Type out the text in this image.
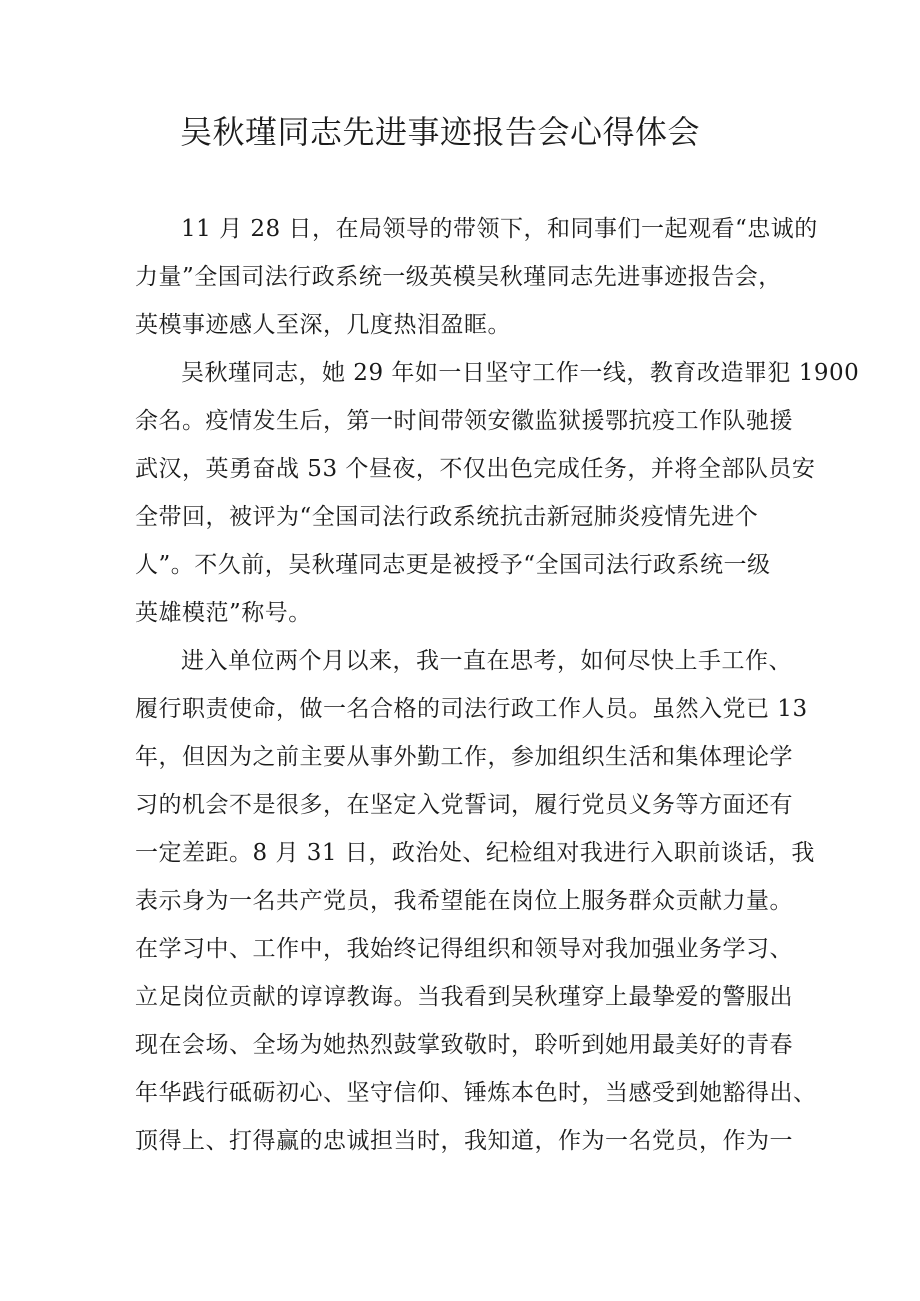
吴秋瑾同志先进事迹报告会心得体会
11 月 28 日，在局领导的带领下，和同事们一起观看“忠诚的
力量”全国司法行政系统一级英模吴秋瑾同志先进事迹报告会，
英模事迹感人至深，几度热泪盈眶。
吴秋瑾同志，她 29 年如一日坚守工作一线，教育改造罪犯 1900
余名。疫情发生后，第一时间带领安徽监狱援鄂抗疫工作队驰援
武汉，英勇奋战 53 个昼夜，不仅出色完成任务，并将全部队员安
全带回，被评为“全国司法行政系统抗击新冠肺炎疫情先进个
人”。不久前，吴秋瑾同志更是被授予“全国司法行政系统一级
英雄模范”称号。
进入单位两个月以来，我一直在思考，如何尽快上手工作、
履行职责使命，做一名合格的司法行政工作人员。虽然入党已 13
年，但因为之前主要从事外勤工作，参加组织生活和集体理论学
习的机会不是很多，在坚定入党誓词，履行党员义务等方面还有
一定差距。8 月 31 日，政治处、纪检组对我进行入职前谈话，我
表示身为一名共产党员，我希望能在岗位上服务群众贡献力量。
在学习中、工作中，我始终记得组织和领导对我加强业务学习、
立足岗位贡献的谆谆教诲。当我看到吴秋瑾穿上最挚爱的警服出
现在会场、全场为她热烈鼓掌致敬时，聆听到她用最美好的青春
年华践行砥砺初心、坚守信仰、锤炼本色时，当感受到她豁得出、
顶得上、打得赢的忠诚担当时，我知道，作为一名党员，作为一
